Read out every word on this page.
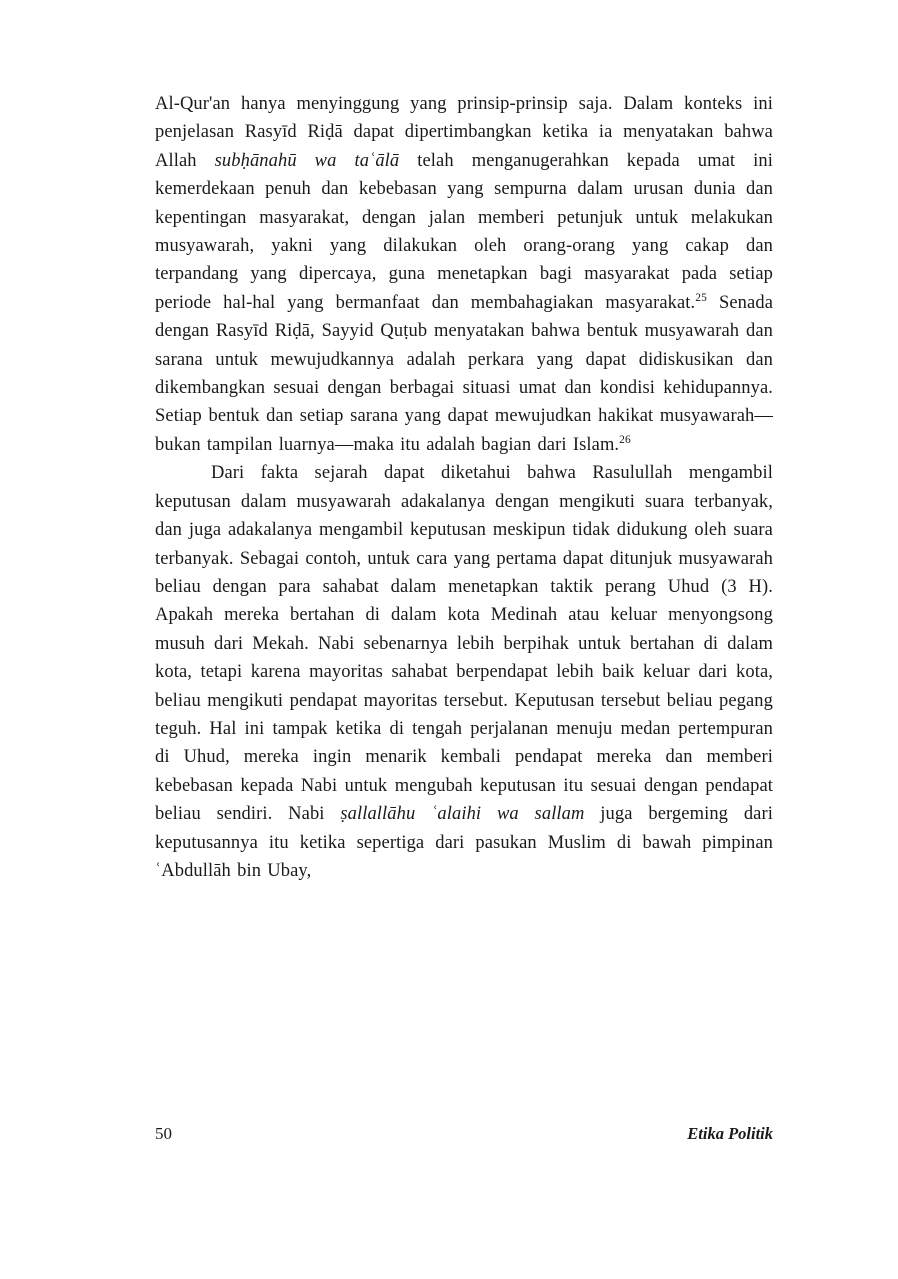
Al-Qur'an hanya menyinggung yang prinsip-prinsip saja. Dalam konteks ini penjelasan Rasyīd Riḍā dapat dipertimbangkan ketika ia menyatakan bahwa Allah subḥānahū wa taʿālā telah menganugerahkan kepada umat ini kemerdekaan penuh dan kebebasan yang sempurna dalam urusan dunia dan kepentingan masyarakat, dengan jalan memberi petunjuk untuk melakukan musyawarah, yakni yang dilakukan oleh orang-orang yang cakap dan terpandang yang dipercaya, guna menetapkan bagi masyarakat pada setiap periode hal-hal yang bermanfaat dan membahagiakan masyarakat.$^{25}$ Senada dengan Rasyīd Riḍā, Sayyid Quṭub menyatakan bahwa bentuk musyawarah dan sarana untuk mewujudkannya adalah perkara yang dapat didiskusikan dan dikembangkan sesuai dengan berbagai situasi umat dan kondisi kehidupannya. Setiap bentuk dan setiap sarana yang dapat mewujudkan hakikat musyawarah—bukan tampilan luarnya—maka itu adalah bagian dari Islam.$^{26}$

Dari fakta sejarah dapat diketahui bahwa Rasulullah mengambil keputusan dalam musyawarah adakalanya dengan mengikuti suara terbanyak, dan juga adakalanya mengambil keputusan meskipun tidak didukung oleh suara terbanyak. Sebagai contoh, untuk cara yang pertama dapat ditunjuk musyawarah beliau dengan para sahabat dalam menetapkan taktik perang Uhud (3 H). Apakah mereka bertahan di dalam kota Medinah atau keluar menyongsong musuh dari Mekah. Nabi sebenarnya lebih berpihak untuk bertahan di dalam kota, tetapi karena mayoritas sahabat berpendapat lebih baik keluar dari kota, beliau mengikuti pendapat mayoritas tersebut. Keputusan tersebut beliau pegang teguh. Hal ini tampak ketika di tengah perjalanan menuju medan pertempuran di Uhud, mereka ingin menarik kembali pendapat mereka dan memberi kebebasan kepada Nabi untuk mengubah keputusan itu sesuai dengan pendapat beliau sendiri. Nabi ṣallallāhu ʿalaihi wa sallam juga bergeming dari keputusannya itu ketika sepertiga dari pasukan Muslim di bawah pimpinan ʿAbdullāh bin Ubay,

50	Etika Politik
